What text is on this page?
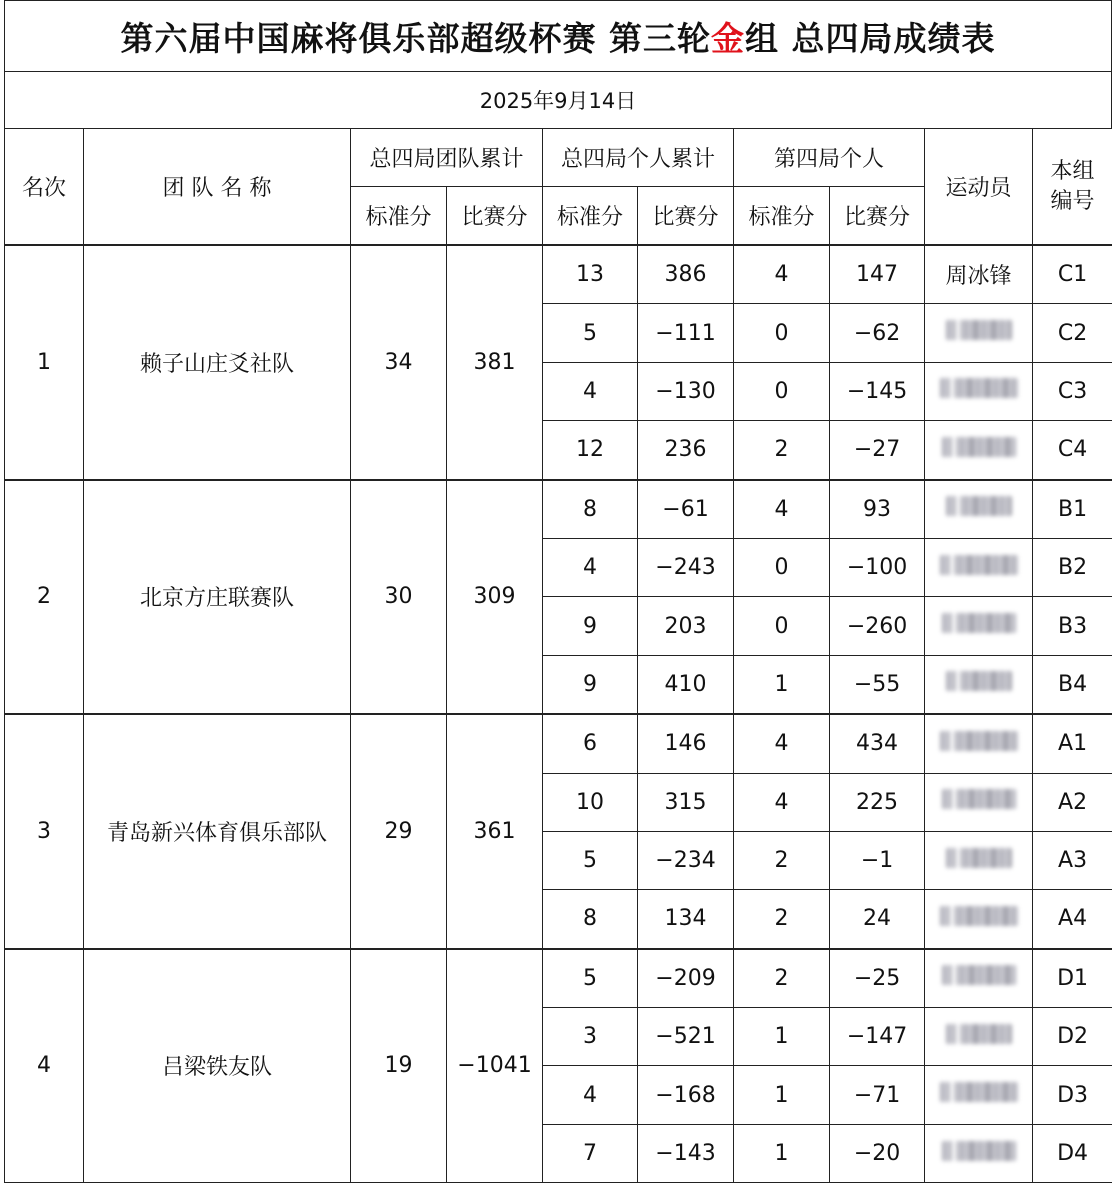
第六届中国麻将俱乐部超级杯赛 第三轮 金 组 总四局成绩表
2025年9月14日
名次	团 队 名 称	总四局团队累计		总四局个人累计		第四局个人		运动员	本组编号
		标准分	比赛分	标准分	比赛分	标准分	比赛分		
1	赖子山庄爻社队	34	381	13	386	4	147	周冰锋	C1
				5	−111	0	−62		C2
				4	−130	0	−145		C3
				12	236	2	−27		C4
2	北京方庄联赛队	30	309	8	−61	4	93		B1
				4	−243	0	−100		B2
				9	203	0	−260		B3
				9	410	1	−55		B4
3	青岛新兴体育俱乐部队	29	361	6	146	4	434		A1
				10	315	4	225		A2
				5	−234	2	−1		A3
				8	134	2	24		A4
4	吕梁铁友队	19	−1041	5	−209	2	−25		D1
				3	−521	1	−147		D2
				4	−168	1	−71		D3
				7	−143	1	−20		D4
